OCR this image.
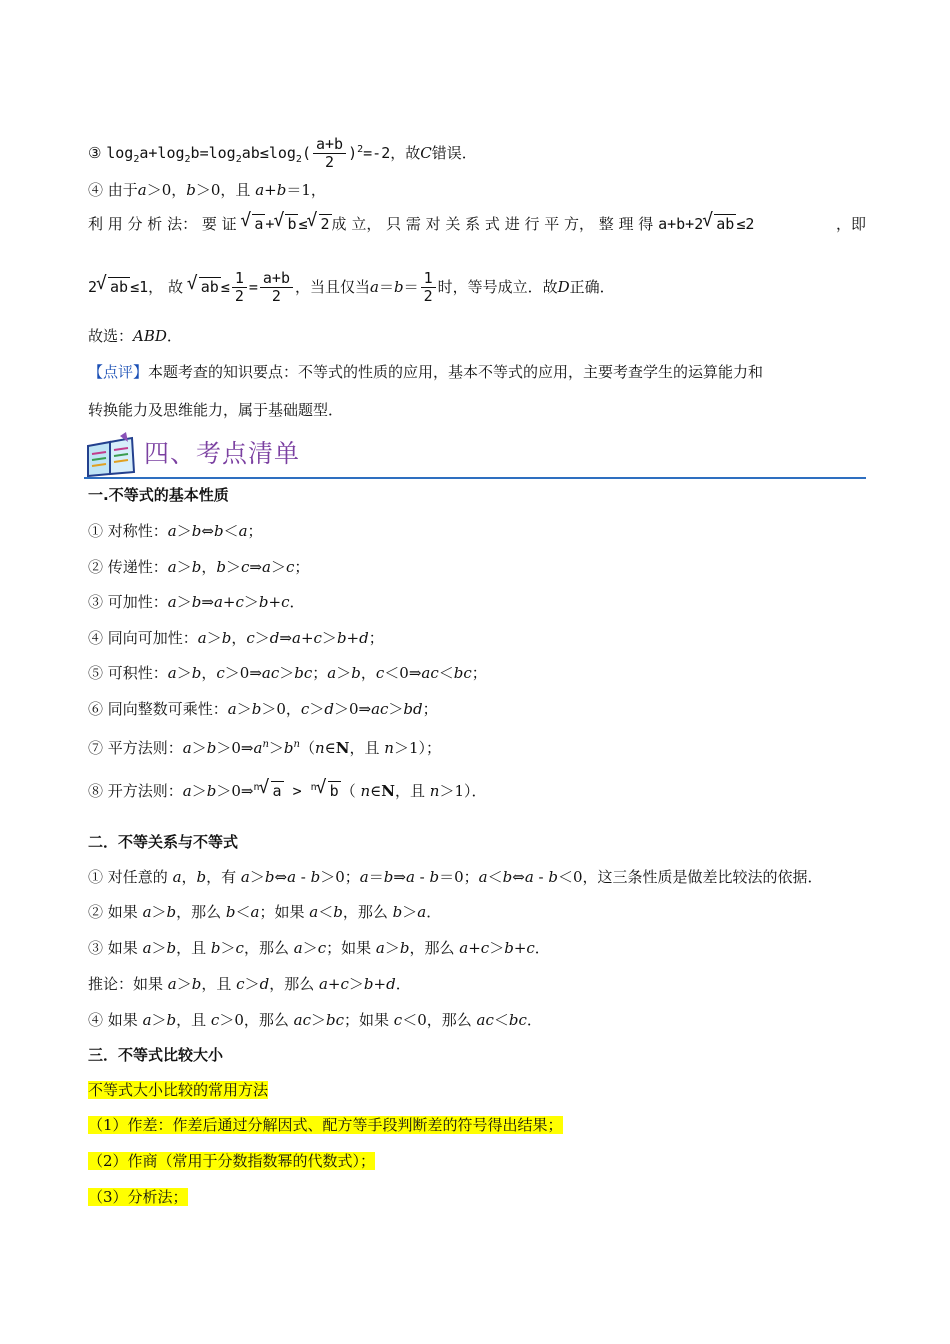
③ $\log_2a+\log_2b=\log_2ab\le\log_2( \frac{a+b}{2} )^2=-2$，故C错误．
④ 由于a＞0，b＞0，且 a+b＝1，
利 用 分 析 法： 要 证 √ a + √ b ≤ √ 2 成 立， 只 需 对 关 系 式 进 行 平 方， 整 理 得 a+b+2 √ ab ≤2	，即
2 √ ab ≤1， 故 √ ab ≤ $\frac{1}{2} = \frac{a+b}{2}$ ，当且仅当$a=b= \frac{1}{2}$ 时，等号成立．故D正确．
故选：ABD．
【点评】本题考查的知识要点：不等式的性质的应用，基本不等式的应用，主要考查学生的运算能力和
转换能力及思维能力，属于基础题型．
四、考点清单
一.不等式的基本性质
① 对称性：a＞b⇔b＜a；
② 传递性：a＞b，b＞c⇒a＞c；
③ 可加性：a＞b⇒a+c＞b+c．
④ 同向可加性：a＞b，c＞d⇒a+c＞b+d；
⑤ 可积性：a＞b，c＞0⇒ac＞bc；a＞b，c＜0⇒ac＜bc；
⑥ 同向整数可乘性：a＞b＞0，c＞d＞0⇒ac＞bd；
⑦ 平方法则：$a>b>0\Rightarrow a^n>b^n(n\in N$，且 n＞1）；
⑧ 开方法则：a＞b＞0⇒$^n$ √ a > $^n$ √ b （ n∈N，且 n＞1）．
二．不等关系与不等式
① 对任意的 a，b，有 a＞b⇔a - b＞0；a＝b⇒a - b＝0；a＜b⇔a - b＜0，这三条性质是做差比较法的依据．
② 如果 a＞b，那么 b＜a；如果 a＜b，那么 b＞a．
③ 如果 a＞b，且 b＞c，那么 a＞c；如果 a＞b，那么 a+c＞b+c．
推论：如果 a＞b，且 c＞d，那么 a+c＞b+d．
④ 如果 a＞b，且 c＞0，那么 ac＞bc；如果 c＜0，那么 ac＜bc．
三．不等式比较大小
不等式大小比较的常用方法
（1）作差：作差后通过分解因式、配方等手段判断差的符号得出结果；
（2）作商（常用于分数指数幂的代数式）；
（3）分析法；
